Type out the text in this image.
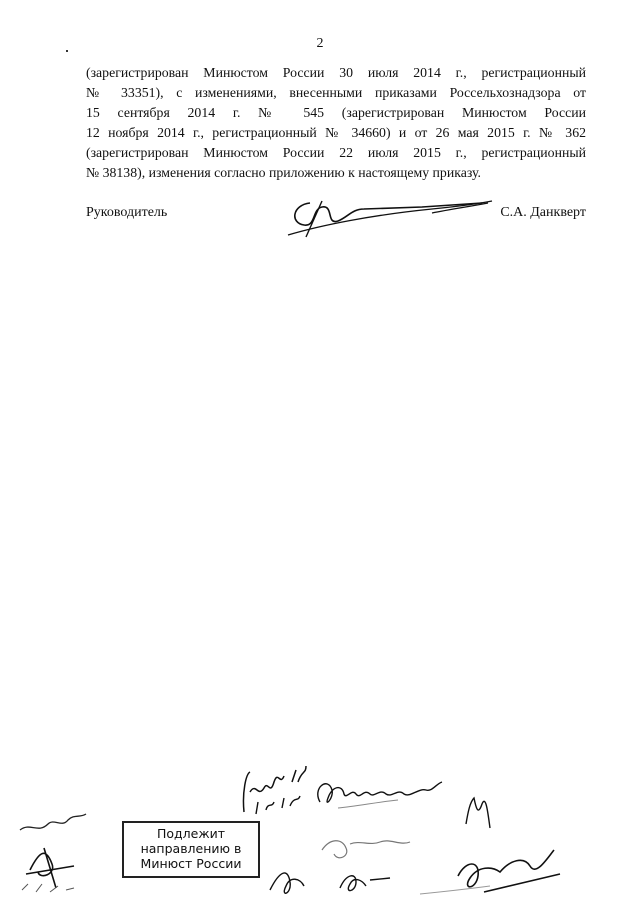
2
(зарегистрирован Минюстом России 30 июля 2014 г., регистрационный
№ 33351), с изменениями, внесенными приказами Россельхознадзора от
15 сентября 2014 г. № 545 (зарегистрирован Минюстом России
12 ноября 2014 г., регистрационный № 34660) и от 26 мая 2015 г. № 362
(зарегистрирован Минюстом России 22 июля 2015 г., регистрационный
№ 38138), изменения согласно приложению к настоящему приказу.
Руководитель	С.А. Данкверт
Подлежит
направлению в
Минюст России
